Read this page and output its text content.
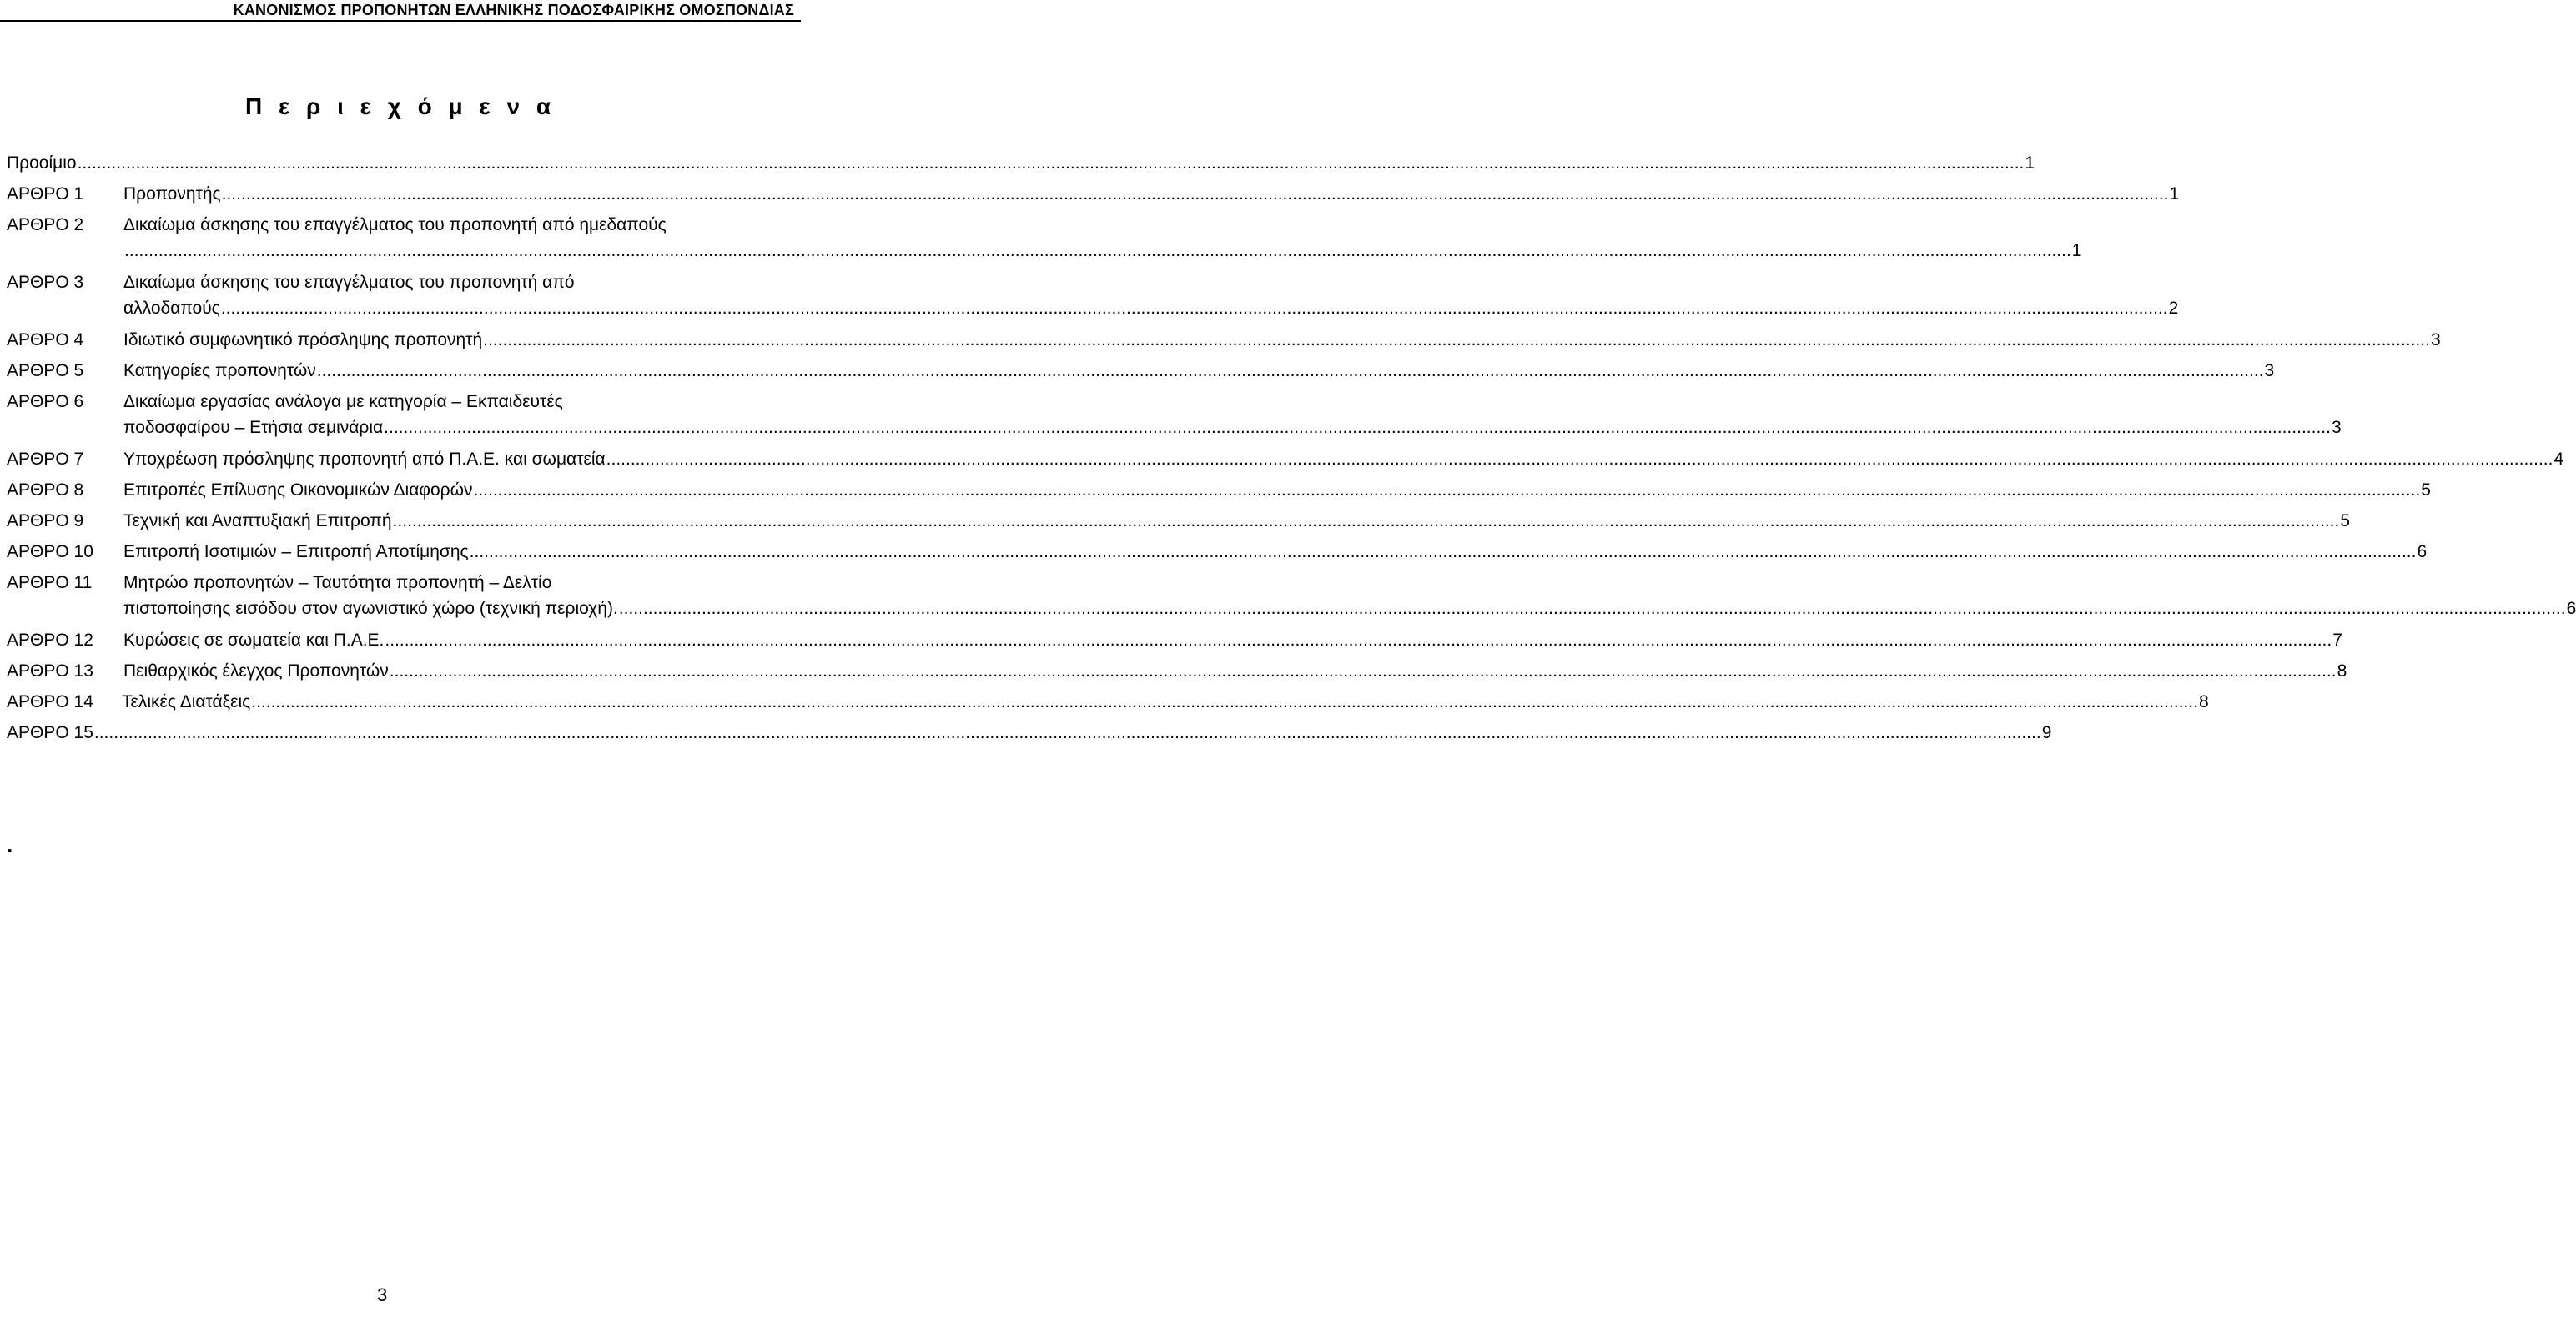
ΚΑΝΟΝΙΣΜΟΣ ΠΡΟΠΟΝΗΤΩΝ ΕΛΛΗΝΙΚΗΣ ΠΟΔΟΣΦΑΙΡΙΚΗΣ ΟΜΟΣΠΟΝΔΙΑΣ
Π ε ρ ι ε χ ό μ ε ν α
Προοίμιο ................................................................................................................................................................................................................................................................................................................................................................................................................ 1
Προπονητής ................................................................................................................................................................................................................................................................................................................................................................................................................ 1
ΑΡΘΡΟ 1
Δικαίωμα άσκησης του επαγγέλματος του προπονητή από ημεδαπούς
................................................................................................................................................................................................................................................................................................................................................................................................................ 1
ΑΡΘΡΟ 2
Δικαίωμα άσκησης του επαγγέλματος του προπονητή από
αλλοδαπούς ................................................................................................................................................................................................................................................................................................................................................................................................................ 2
ΑΡΘΡΟ 3
Ιδιωτικό συμφωνητικό πρόσληψης προπονητή ................................................................................................................................................................................................................................................................................................................................................................................................................ 3
ΑΡΘΡΟ 4
Κατηγορίες προπονητών ................................................................................................................................................................................................................................................................................................................................................................................................................ 3
ΑΡΘΡΟ 5
Δικαίωμα εργασίας ανάλογα με κατηγορία – Εκπαιδευτές
ποδοσφαίρου – Ετήσια σεμινάρια ................................................................................................................................................................................................................................................................................................................................................................................................................ 3
ΑΡΘΡΟ 6
Υποχρέωση πρόσληψης προπονητή από Π.Α.Ε. και σωματεία ................................................................................................................................................................................................................................................................................................................................................................................................................ 4
ΑΡΘΡΟ 7
Επιτροπές Επίλυσης Οικονομικών Διαφορών ................................................................................................................................................................................................................................................................................................................................................................................................................ 5
ΑΡΘΡΟ 8
Τεχνική και Αναπτυξιακή Επιτροπή ................................................................................................................................................................................................................................................................................................................................................................................................................ 5
ΑΡΘΡΟ 9
Επιτροπή Ισοτιμιών – Επιτροπή Αποτίμησης ................................................................................................................................................................................................................................................................................................................................................................................................................ 6
ΑΡΘΡΟ 10
Μητρώο προπονητών – Ταυτότητα προπονητή – Δελτίο
πιστοποίησης εισόδου στον αγωνιστικό χώρο (τεχνική περιοχή). ................................................................................................................................................................................................................................................................................................................................................................................................................ 6
ΑΡΘΡΟ 11
Κυρώσεις σε σωματεία και Π.Α.Ε. ................................................................................................................................................................................................................................................................................................................................................................................................................ 7
ΑΡΘΡΟ 12
Πειθαρχικός έλεγχος Προπονητών ................................................................................................................................................................................................................................................................................................................................................................................................................ 8
ΑΡΘΡΟ 13
Τελικές Διατάξεις ................................................................................................................................................................................................................................................................................................................................................................................................................ 8
ΑΡΘΡΟ 14
ΑΡΘΡΟ 15 ................................................................................................................................................................................................................................................................................................................................................................................................................ 9
.
3
